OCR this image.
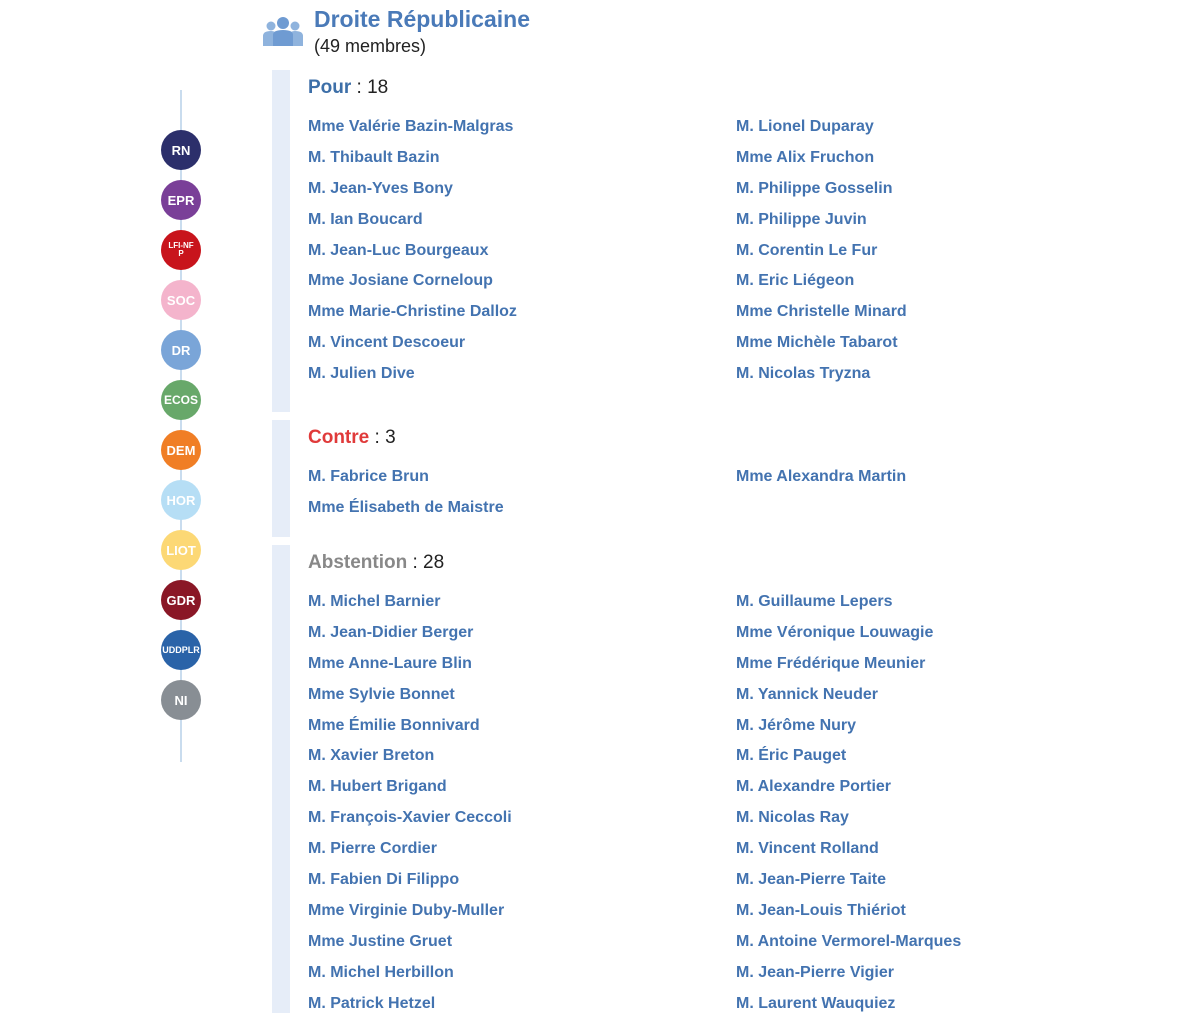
Droite Républicaine
(49 membres)
RN
EPR
LFI-NFP
SOC
DR
ECOS
DEM
HOR
LIOT
GDR
UDDPLR
NI
Pour : 18
Mme Valérie Bazin-Malgras	M. Lionel Duparay
M. Thibault Bazin	Mme Alix Fruchon
M. Jean-Yves Bony	M. Philippe Gosselin
M. Ian Boucard	M. Philippe Juvin
M. Jean-Luc Bourgeaux	M. Corentin Le Fur
Mme Josiane Corneloup	M. Eric Liégeon
Mme Marie-Christine Dalloz	Mme Christelle Minard
M. Vincent Descoeur	Mme Michèle Tabarot
M. Julien Dive	M. Nicolas Tryzna
Contre : 3
M. Fabrice Brun	Mme Alexandra Martin
Mme Élisabeth de Maistre
Abstention : 28
M. Michel Barnier	M. Guillaume Lepers
M. Jean-Didier Berger	Mme Véronique Louwagie
Mme Anne-Laure Blin	Mme Frédérique Meunier
Mme Sylvie Bonnet	M. Yannick Neuder
Mme Émilie Bonnivard	M. Jérôme Nury
M. Xavier Breton	M. Éric Pauget
M. Hubert Brigand	M. Alexandre Portier
M. François-Xavier Ceccoli	M. Nicolas Ray
M. Pierre Cordier	M. Vincent Rolland
M. Fabien Di Filippo	M. Jean-Pierre Taite
Mme Virginie Duby-Muller	M. Jean-Louis Thiériot
Mme Justine Gruet	M. Antoine Vermorel-Marques
M. Michel Herbillon	M. Jean-Pierre Vigier
M. Patrick Hetzel	M. Laurent Wauquiez
